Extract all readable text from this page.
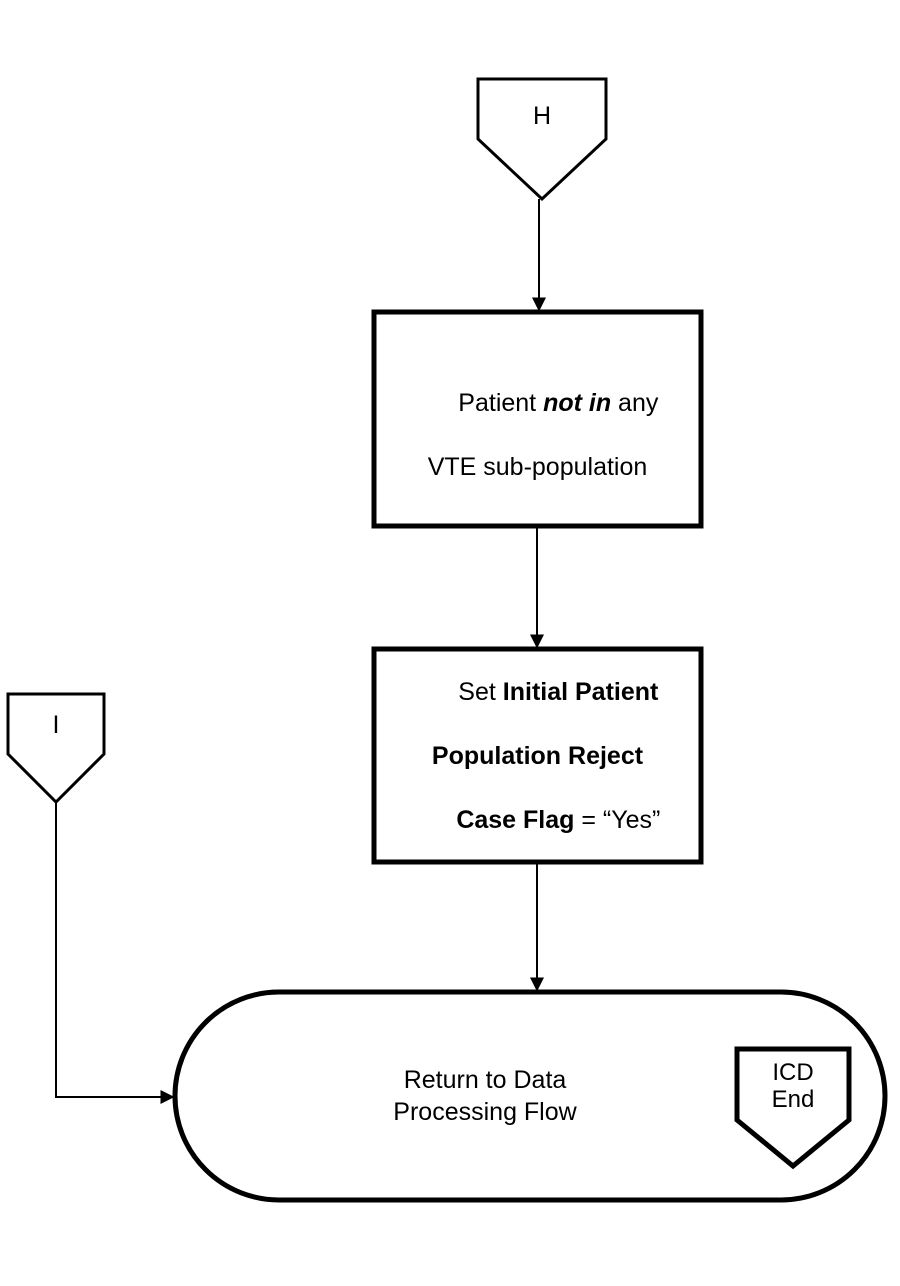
H
I

Patient not in any

VTE sub-population

Set Initial Patient

Population Reject

Case Flag = “Yes”

Return to Data
Processing Flow
ICD
End
